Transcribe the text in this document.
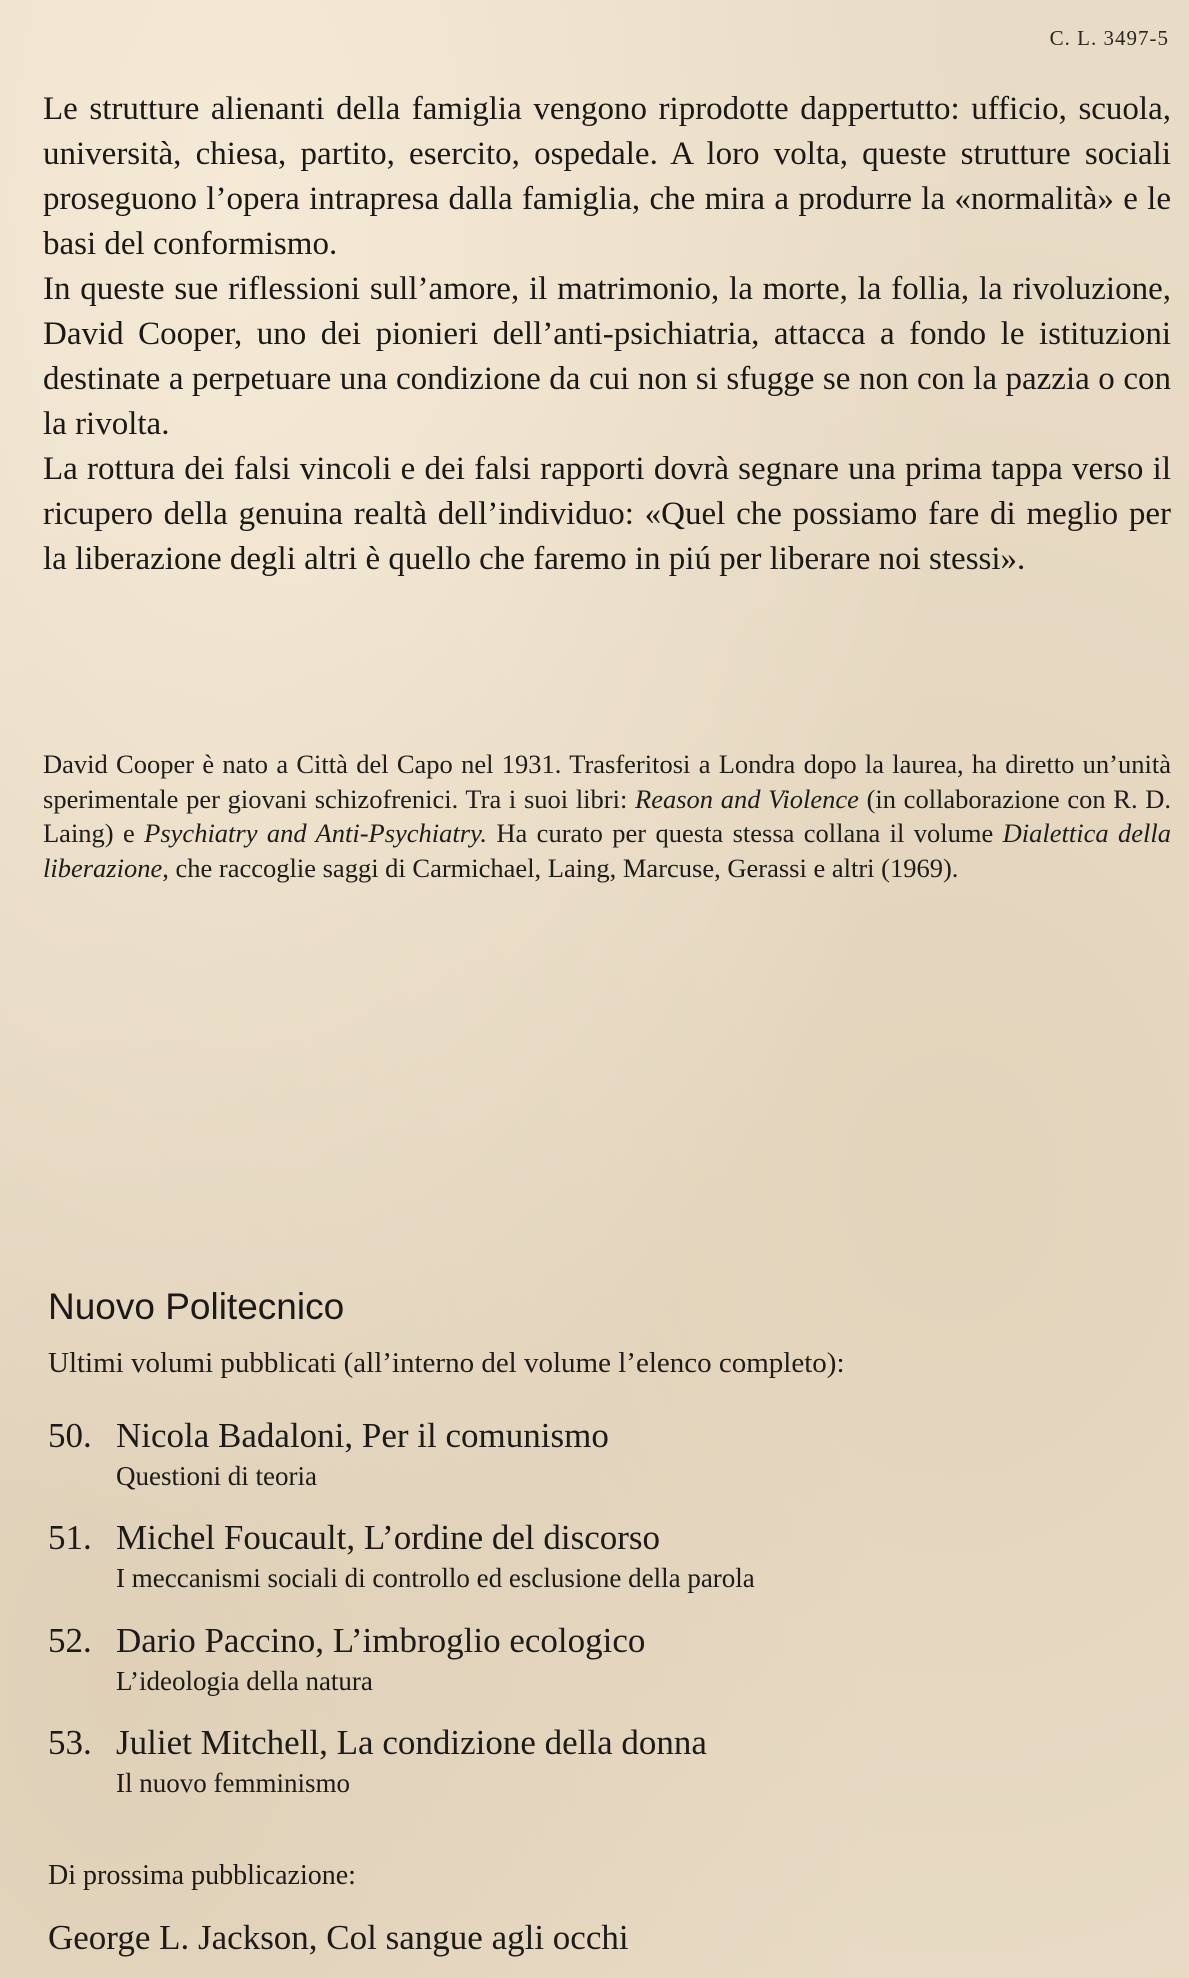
C. L. 3497-5

Le strutture alienanti della famiglia vengono riprodotte dappertutto: ufficio, scuola, università, chiesa, partito, esercito, ospedale. A loro volta, queste strutture sociali proseguono l’opera intrapresa dalla famiglia, che mira a produrre la «normalità» e le basi del conformismo.

In queste sue riflessioni sull’amore, il matrimonio, la morte, la follia, la rivoluzione, David Cooper, uno dei pionieri dell’anti-psichiatria, attacca a fondo le istituzioni destinate a perpetuare una condizione da cui non si sfugge se non con la pazzia o con la rivolta.

La rottura dei falsi vincoli e dei falsi rapporti dovrà segnare una prima tappa verso il ricupero della genuina realtà dell’individuo: «Quel che possiamo fare di meglio per la liberazione degli altri è quello che faremo in piú per liberare noi stessi».

David Cooper è nato a Città del Capo nel 1931. Trasferitosi a Londra dopo la laurea, ha diretto un’unità sperimentale per giovani schizofrenici. Tra i suoi libri: Reason and Violence (in collaborazione con R. D. Laing) e Psychiatry and Anti-Psychiatry. Ha curato per questa stessa collana il volume Dialettica della liberazione, che raccoglie saggi di Carmichael, Laing, Marcuse, Gerassi e altri (1969).

Nuovo Politecnico
Ultimi volumi pubblicati (all’interno del volume l’elenco completo):
50. Nicola Badaloni, Per il comunismo
Questioni di teoria
51. Michel Foucault, L’ordine del discorso
I meccanismi sociali di controllo ed esclusione della parola
52. Dario Paccino, L’imbroglio ecologico
L’ideologia della natura
53. Juliet Mitchell, La condizione della donna
Il nuovo femminismo
Di prossima pubblicazione:
George L. Jackson, Col sangue agli occhi
